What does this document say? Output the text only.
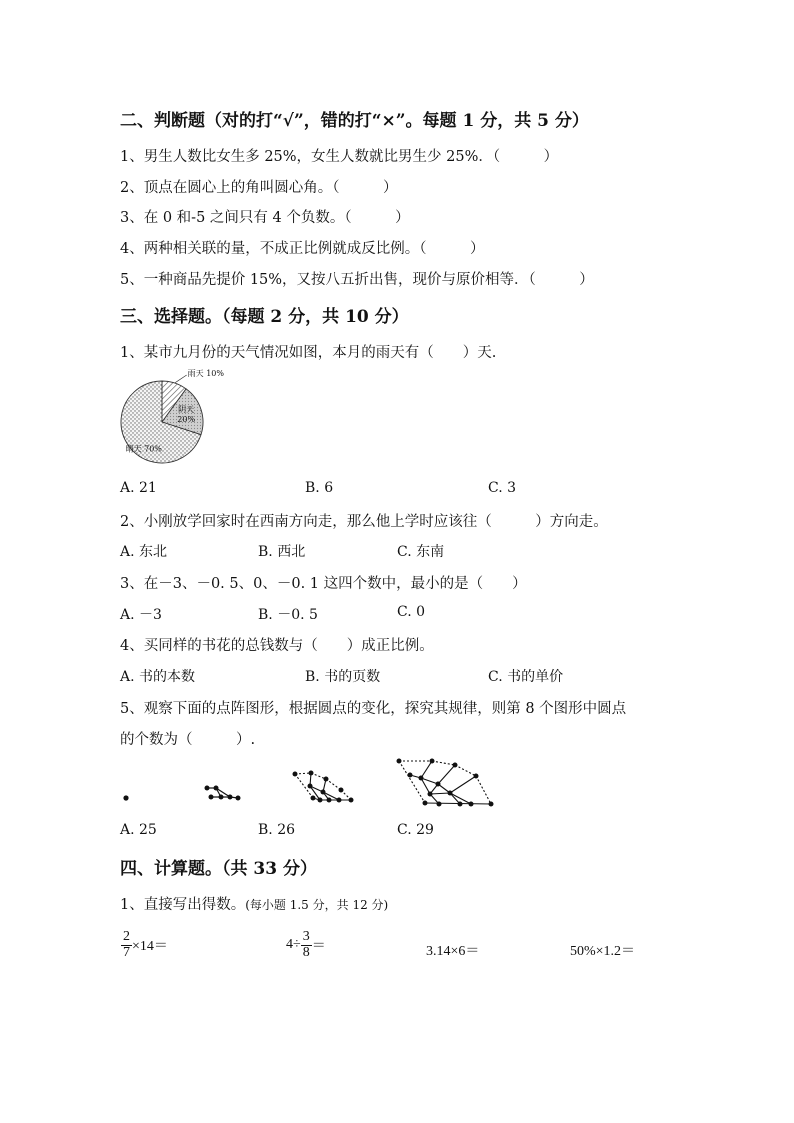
二、判断题（对的打“√”，错的打“×”。每题 1 分，共 5 分）
1、男生人数比女生多 25%，女生人数就比男生少 25%．（　　　）
2、顶点在圆心上的角叫圆心角。（　　　）
3、在 0 和-5 之间只有 4 个负数。（　　　）
4、两种相关联的量，不成正比例就成反比例。（　　　）
5、一种商品先提价 15%，又按八五折出售，现价与原价相等．（　　　）
三、选择题。（每题 2 分，共 10 分）
1、某市九月份的天气情况如图，本月的雨天有（　　）天.
雨天 10%
阴天
20%
晴天 70%
A. 21	B. 6	C. 3
2、小刚放学回家时在西南方向走，那么他上学时应该往（　　　）方向走。
A. 东北	B. 西北	C. 东南
3、在－3、－0. 5、0、－0. 1 这四个数中，最小的是（　　）
A. －3	B. －0. 5	C. 0
4、买同样的书花的总钱数与（　　）成正比例。
A. 书的本数	B. 书的页数	C. 书的单价
5、观察下面的点阵图形，根据圆点的变化，探究其规律，则第 8 个图形中圆点
的个数为（　　　）.
A. 25	B. 26	C. 29
四、计算题。（共 33 分）
1、直接写出得数。(每小题 1.5 分，共 12 分)
$\frac{2}{7} \times 14=$	$4\div \frac{3}{8}$ ＝	3.14×6＝	50%×1.2＝
